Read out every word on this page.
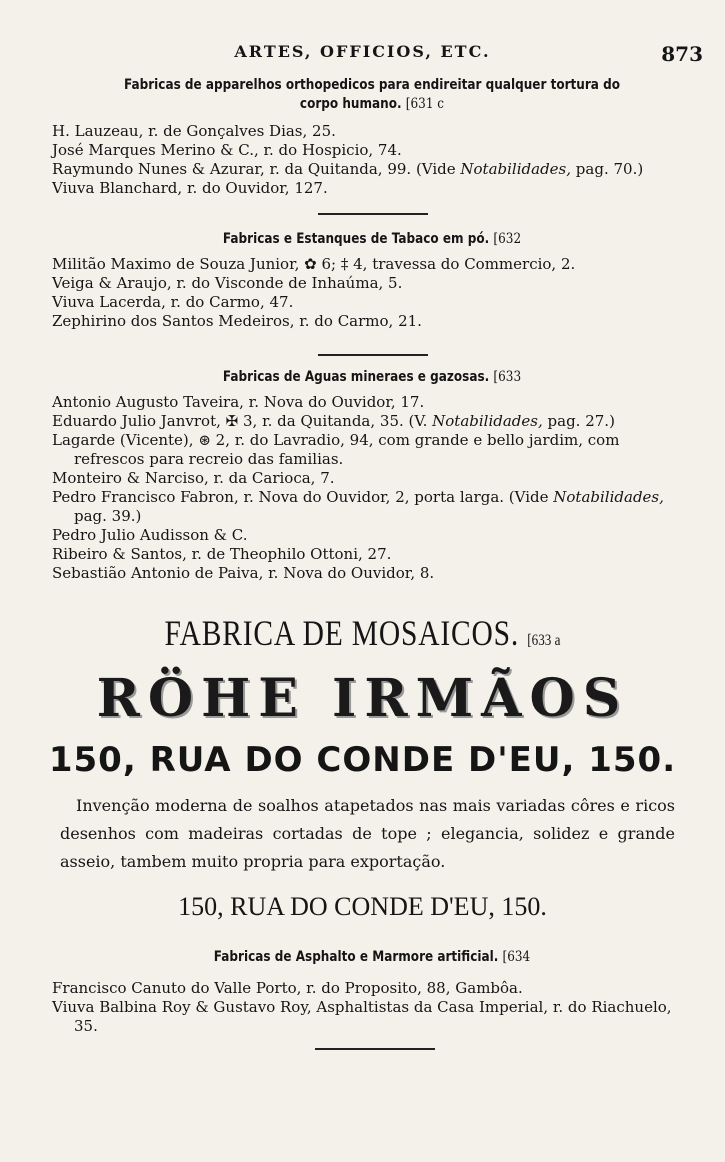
ARTES, OFFICIOS, ETC.	873
Fabricas de apparelhos orthopedicos para endireitar qualquer tortura do
corpo humano. [631 c
H. Lauzeau, r. de Gonçalves Dias, 25.
José Marques Merino & C., r. do Hospicio, 74.
Raymundo Nunes & Azurar, r. da Quitanda, 99. (Vide Notabilidades, pag. 70.)
Viuva Blanchard, r. do Ouvidor, 127.
Fabricas e Estanques de Tabaco em pó. [632
Militão Maximo de Souza Junior, ✿ 6; ‡ 4, travessa do Commercio, 2.
Veiga & Araujo, r. do Visconde de Inhaúma, 5.
Viuva Lacerda, r. do Carmo, 47.
Zephirino dos Santos Medeiros, r. do Carmo, 21.
Fabricas de Aguas mineraes e gazosas. [633
Antonio Augusto Taveira, r. Nova do Ouvidor, 17.
Eduardo Julio Janvrot, ✠ 3, r. da Quitanda, 35. (V. Notabilidades, pag. 27.)
Lagarde (Vicente), ⊛ 2, r. do Lavradio, 94, com grande e bello jardim, com refrescos para recreio das familias.
Monteiro & Narciso, r. da Carioca, 7.
Pedro Francisco Fabron, r. Nova do Ouvidor, 2, porta larga. (Vide Notabilidades, pag. 39.)
Pedro Julio Audisson & C.
Ribeiro & Santos, r. de Theophilo Ottoni, 27.
Sebastião Antonio de Paiva, r. Nova do Ouvidor, 8.
FABRICA DE MOSAICOS. [633 a
RÖHE IRMÃOS
150, RUA DO CONDE D'EU, 150.
Invenção moderna de soalhos atapetados nas mais variadas côres e ricos desenhos com madeiras cortadas de tope ; elegancia, solidez e grande asseio, tambem muito propria para exportação.
150, RUA DO CONDE D'EU, 150.
Fabricas de Asphalto e Marmore artificial. [634
Francisco Canuto do Valle Porto, r. do Proposito, 88, Gambôa.
Viuva Balbina Roy & Gustavo Roy, Asphaltistas da Casa Imperial, r. do Riachuelo, 35.
